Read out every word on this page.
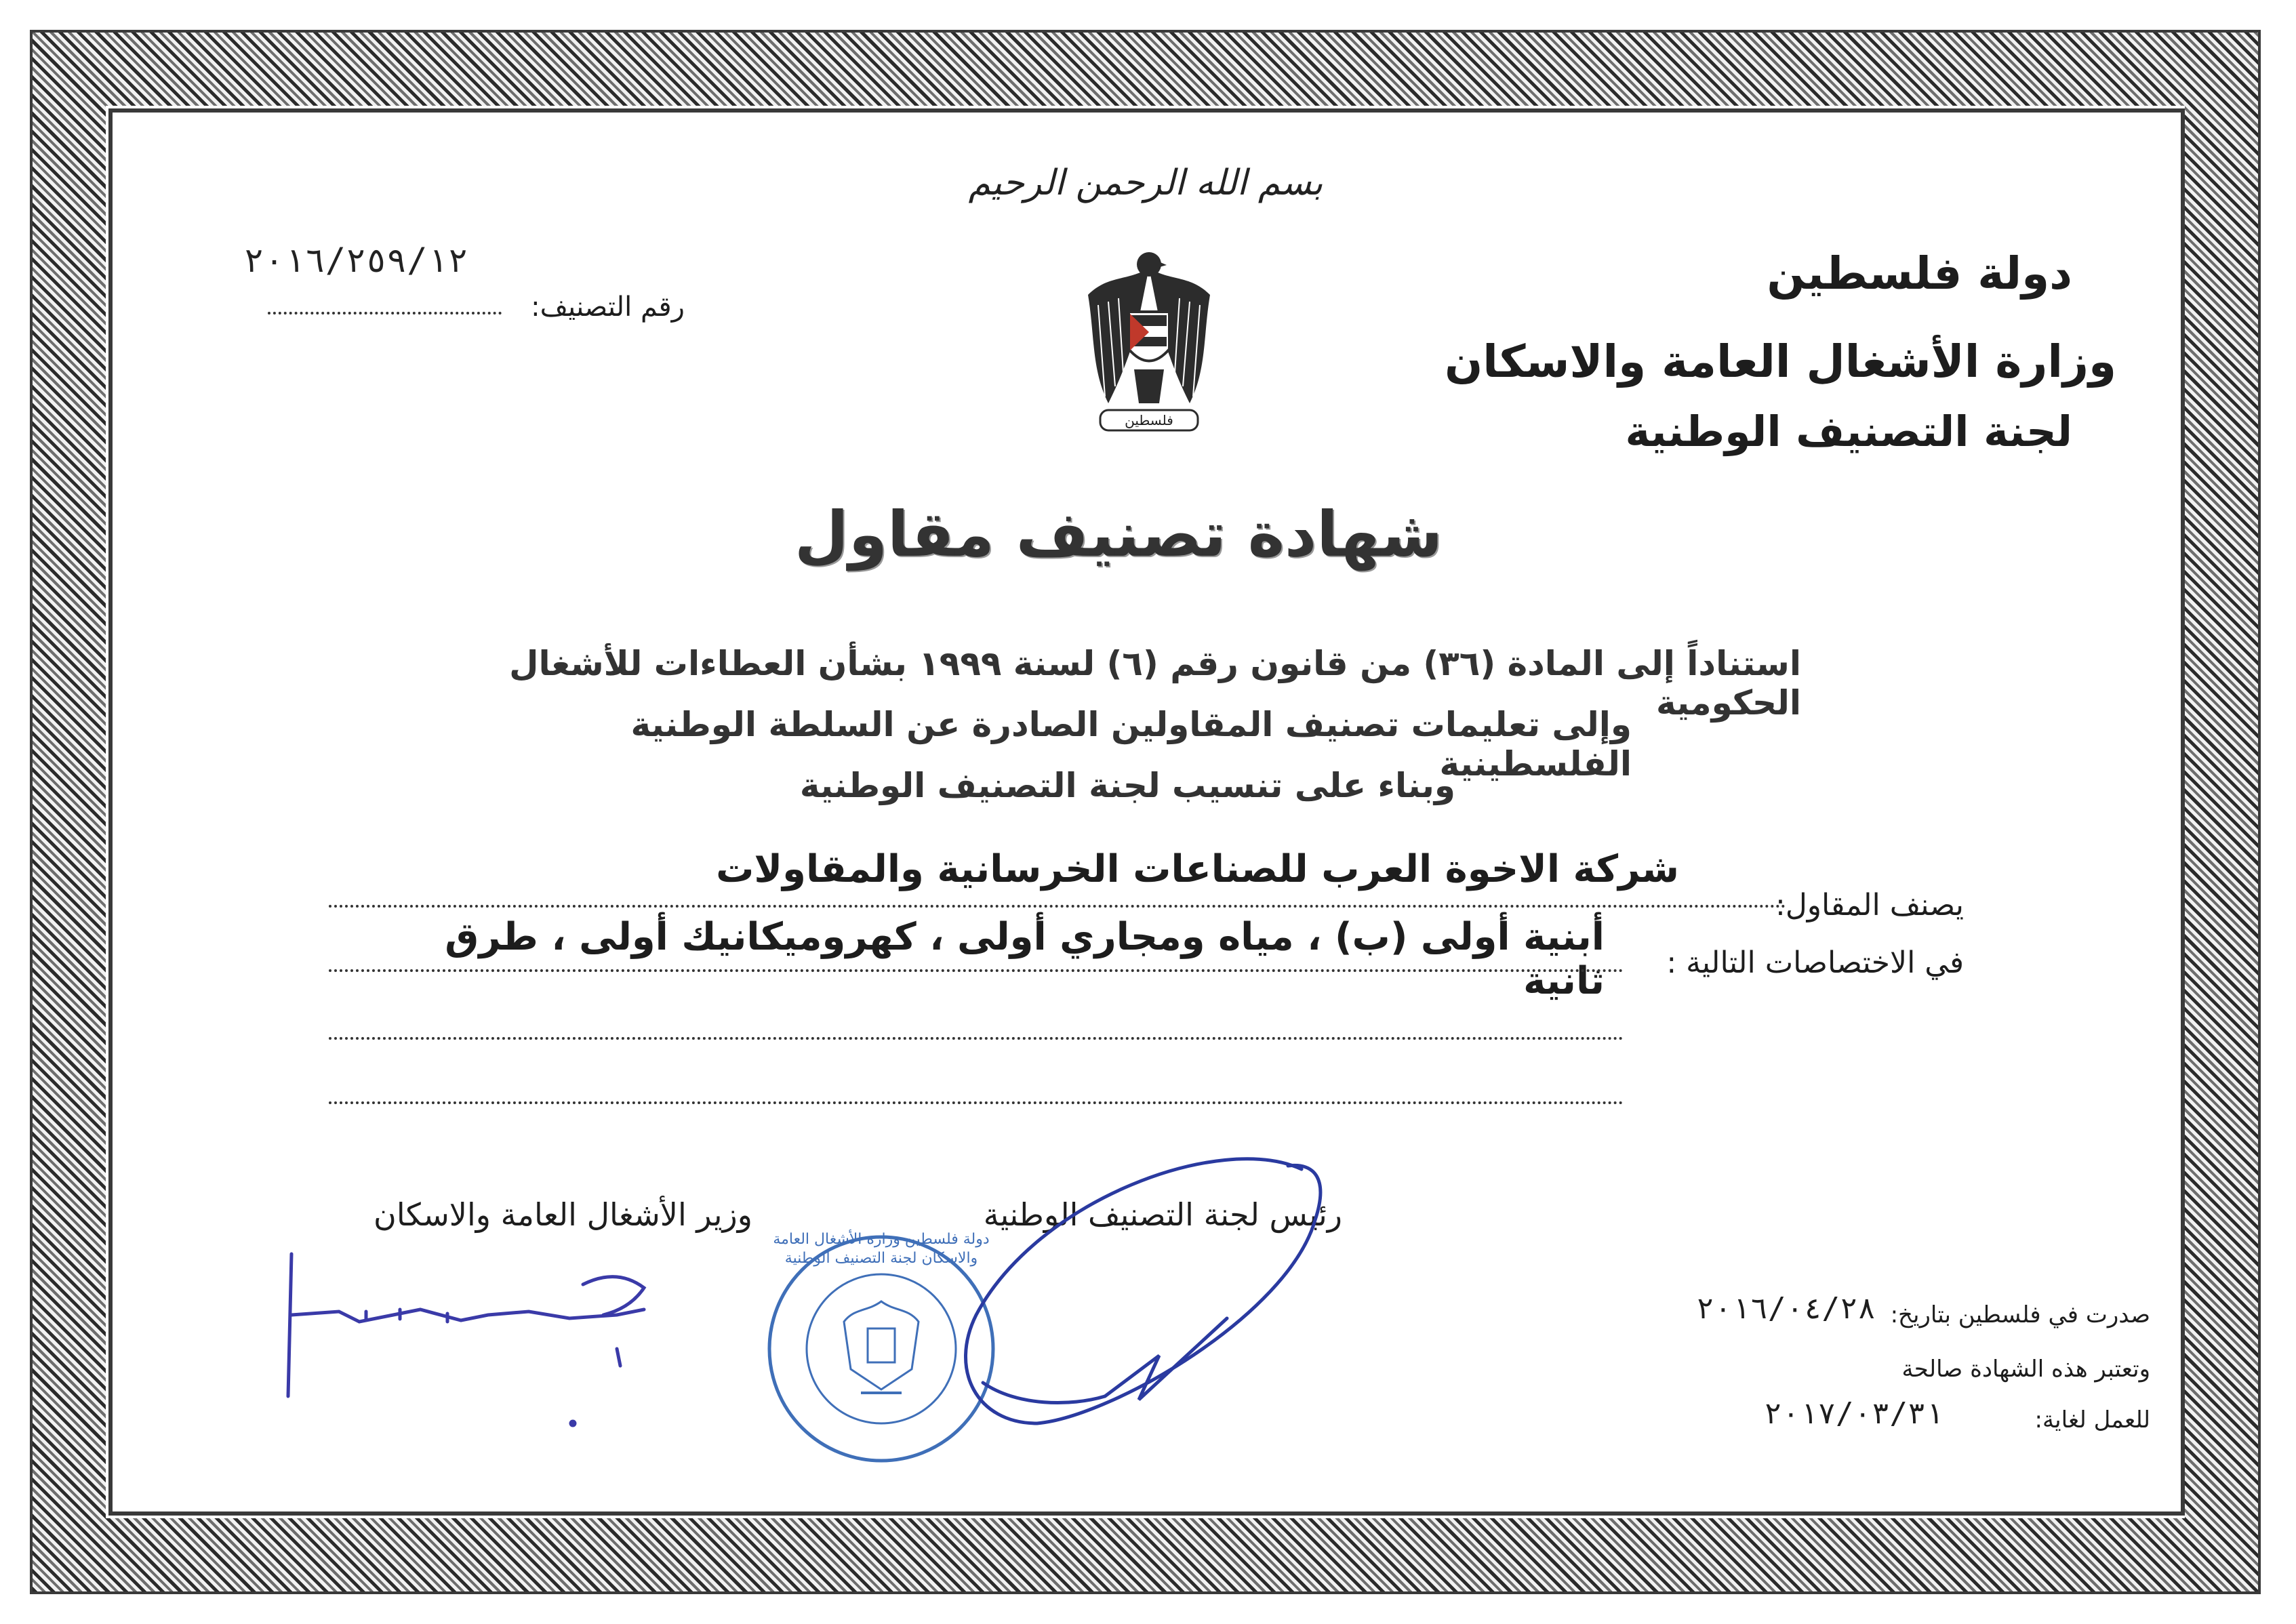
بسم الله الرحمن الرحيم
٢٠١٦/٢٥٩/١٢
رقم التصنيف:
فلسطين
دولة فلسطين
وزارة الأشغال العامة والاسكان
لجنة التصنيف الوطنية
شهادة تصنيف مقاول
استناداً إلى المادة (٣٦) من قانون رقم (٦) لسنة ١٩٩٩ بشأن العطاءات للأشغال الحكومية
وإلى تعليمات تصنيف المقاولين الصادرة عن السلطة الوطنية الفلسطينية
وبناء على تنسيب لجنة التصنيف الوطنية
شركة الاخوة العرب للصناعات الخرسانية والمقاولات
يصنف المقاول:
أبنية أولى (ب) ، مياه ومجاري أولى ، كهروميكانيك أولى ، طرق ثانية	في الاختصاصات التالية :
وزير الأشغال العامة والاسكان	رئيس لجنة التصنيف الوطنية
دولة فلسطين وزارة الأشغال العامة والاسكان لجنة التصنيف الوطنية
صدرت في فلسطين بتاريخ:
٢٠١٦/٠٤/٢٨
وتعتبر هذه الشهادة صالحة
للعمل لغاية:
٢٠١٧/٠٣/٣١
